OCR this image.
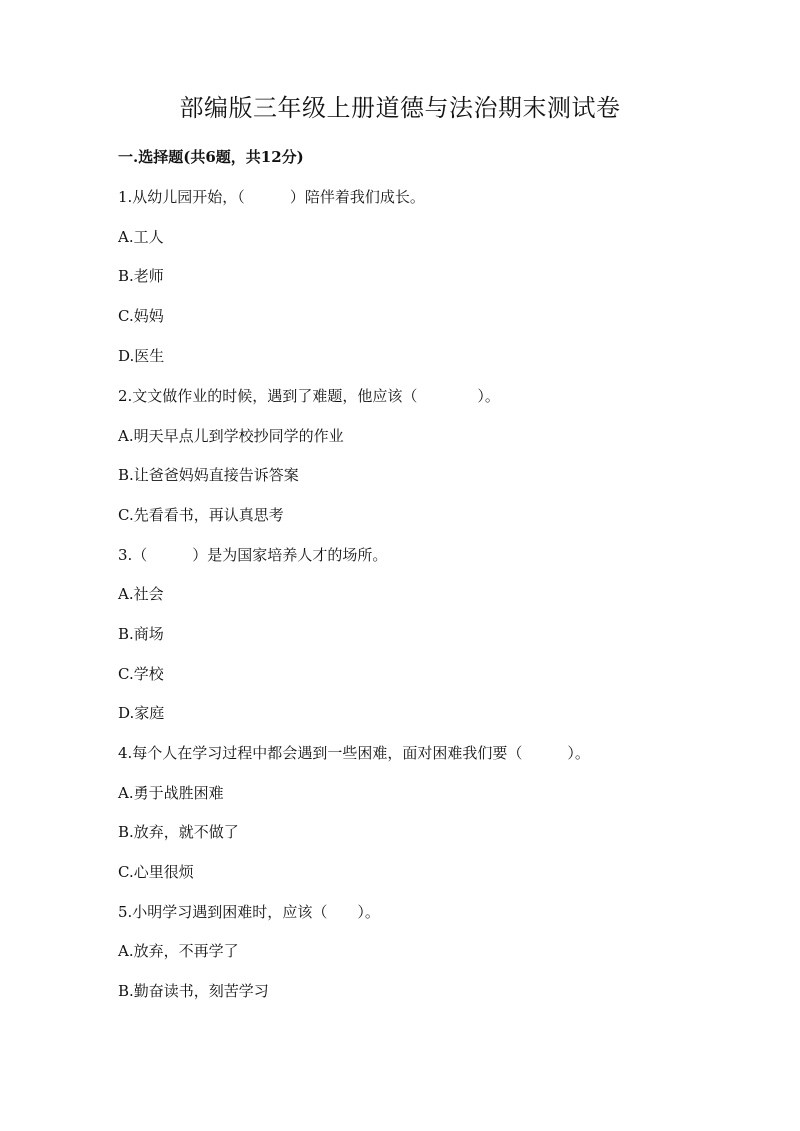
部编版三年级上册道德与法治期末测试卷
一.选择题(共6题，共12分)
1.从幼儿园开始，（　　　）陪伴着我们成长。
A.工人
B.老师
C.妈妈
D.医生
2.文文做作业的时候，遇到了难题，他应该（　　　　）。
A.明天早点儿到学校抄同学的作业
B.让爸爸妈妈直接告诉答案
C.先看看书，再认真思考
3.（　　　）是为国家培养人才的场所。
A.社会
B.商场
C.学校
D.家庭
4.每个人在学习过程中都会遇到一些困难，面对困难我们要（　　　）。
A.勇于战胜困难
B.放弃，就不做了
C.心里很烦
5.小明学习遇到困难时，应该（　　）。
A.放弃，不再学了
B.勤奋读书，刻苦学习
